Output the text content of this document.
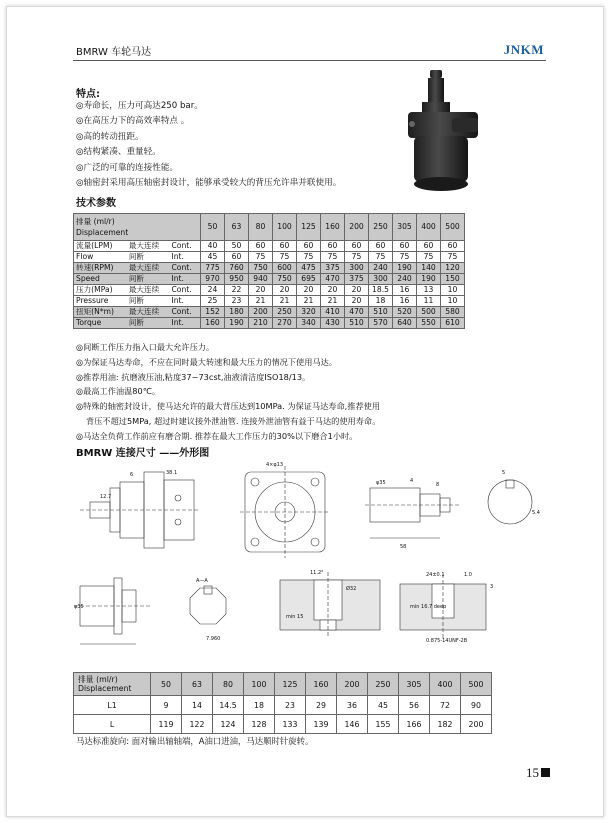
BMRW 车轮马达	JNKM
特点:
◎寿命长，压力可高达250 bar。
◎在高压力下的高效率特点 。
◎高的转动扭距。
◎结构紧凑、重量轻。
◎广泛的可靠的连接性能。
◎轴密封采用高压轴密封设计，能够承受较大的背压允许串并联使用。
技术参数
排量 (ml/r)
Displacement			50	63	80	100	125	160	200	250	305	400	500
流量(LPM)	最大连续	Cont.	40	50	60	60	60	60	60	60	60	60	60
Flow	间断	Int.	45	60	75	75	75	75	75	75	75	75	75
转速(RPM)	最大连续	Cont.	775	760	750	600	475	375	300	240	190	140	120
Speed	间断	Int.	970	950	940	750	695	470	375	300	240	190	150
压力(MPa)	最大连续	Cont.	24	22	20	20	20	20	20	18.5	16	13	10
Pressure	间断	Int.	25	23	21	21	21	21	20	18	16	11	10
扭矩(N*m)	最大连续	Cont.	152	180	200	250	320	410	470	510	520	500	580
Torque	间断	Int.	160	190	210	270	340	430	510	570	640	550	610
◎间断工作压力指入口最大允许压力。
◎为保证马达寿命，不应在同时最大转速和最大压力的情况下使用马达。
◎推荐用油: 抗磨液压油,粘度37~73cst,油液清洁度ISO18/13。
◎最高工作油温80℃。
◎特殊的轴密封设计，使马达允许的最大背压达到10MPa. 为保证马达寿命,推荐使用
背压不超过5MPa, 超过时建议接外泄油管. 连接外泄油管有益于马达的使用寿命。
◎马达全负荷工作前应有磨合期. 推荐在最大工作压力的30%以下磨合1小时。
BMRW 连接尺寸 ——外形图
38.1
12.7
6
φ35	4
8
5
5.4
A—A
7.960
11.2°
Ø32
min 15
min 16.7 deep
4×φ13
1.0
24±0.1
58
3
0.875-14UNF-2B
φ35
排量 (ml/r)
Displacement	50	63	80	100	125	160	200	250	305	400	500
L1	9	14	14.5	18	23	29	36	45	56	72	90
L	119	122	124	128	133	139	146	155	166	182	200
马达标准旋向: 面对输出轴轴端，A油口进油，马达顺时针旋转。
15
